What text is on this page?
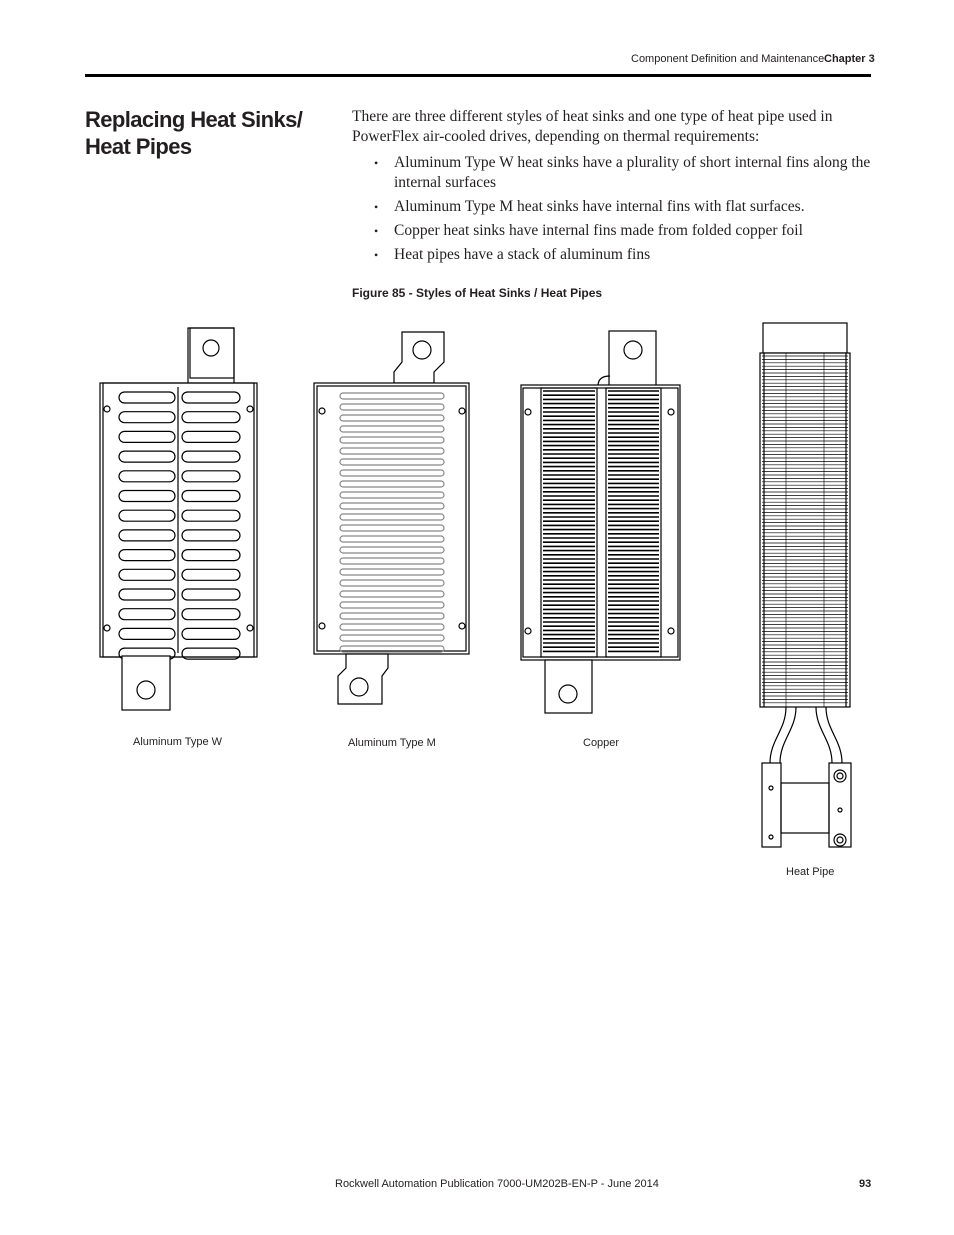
Component Definition and Maintenance Chapter 3
Replacing Heat Sinks/
Heat Pipes

There are three different styles of heat sinks and one type of heat pipe used in PowerFlex air-cooled drives, depending on thermal requirements:

• Aluminum Type W heat sinks have a plurality of short internal fins along the internal surfaces
• Aluminum Type M heat sinks have internal fins with flat surfaces.
• Copper heat sinks have internal fins made from folded copper foil
• Heat pipes have a stack of aluminum fins
Figure 85 - Styles of Heat Sinks / Heat Pipes
Aluminum Type W	Aluminum Type M	Copper
Heat Pipe
Rockwell Automation Publication 7000-UM202B-EN-P - June 2014	93
